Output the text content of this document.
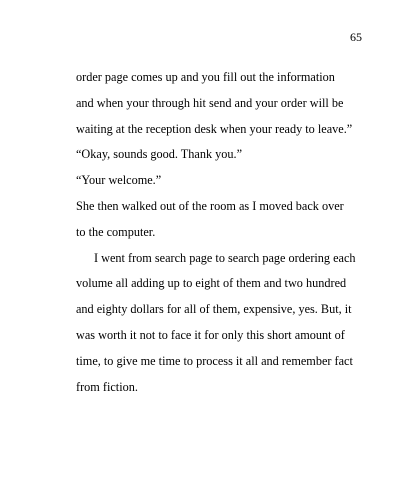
65
order page comes up and you fill out the information
and when your through hit send and your order will be
waiting at the reception desk when your ready to leave.”
“Okay, sounds good. Thank you.”
“Your welcome.”
She then walked out of the room as I moved back over
to the computer.
I went from search page to search page ordering each
volume all adding up to eight of them and two hundred
and eighty dollars for all of them, expensive, yes. But, it
was worth it not to face it for only this short amount of
time, to give me time to process it all and remember fact
from fiction.
